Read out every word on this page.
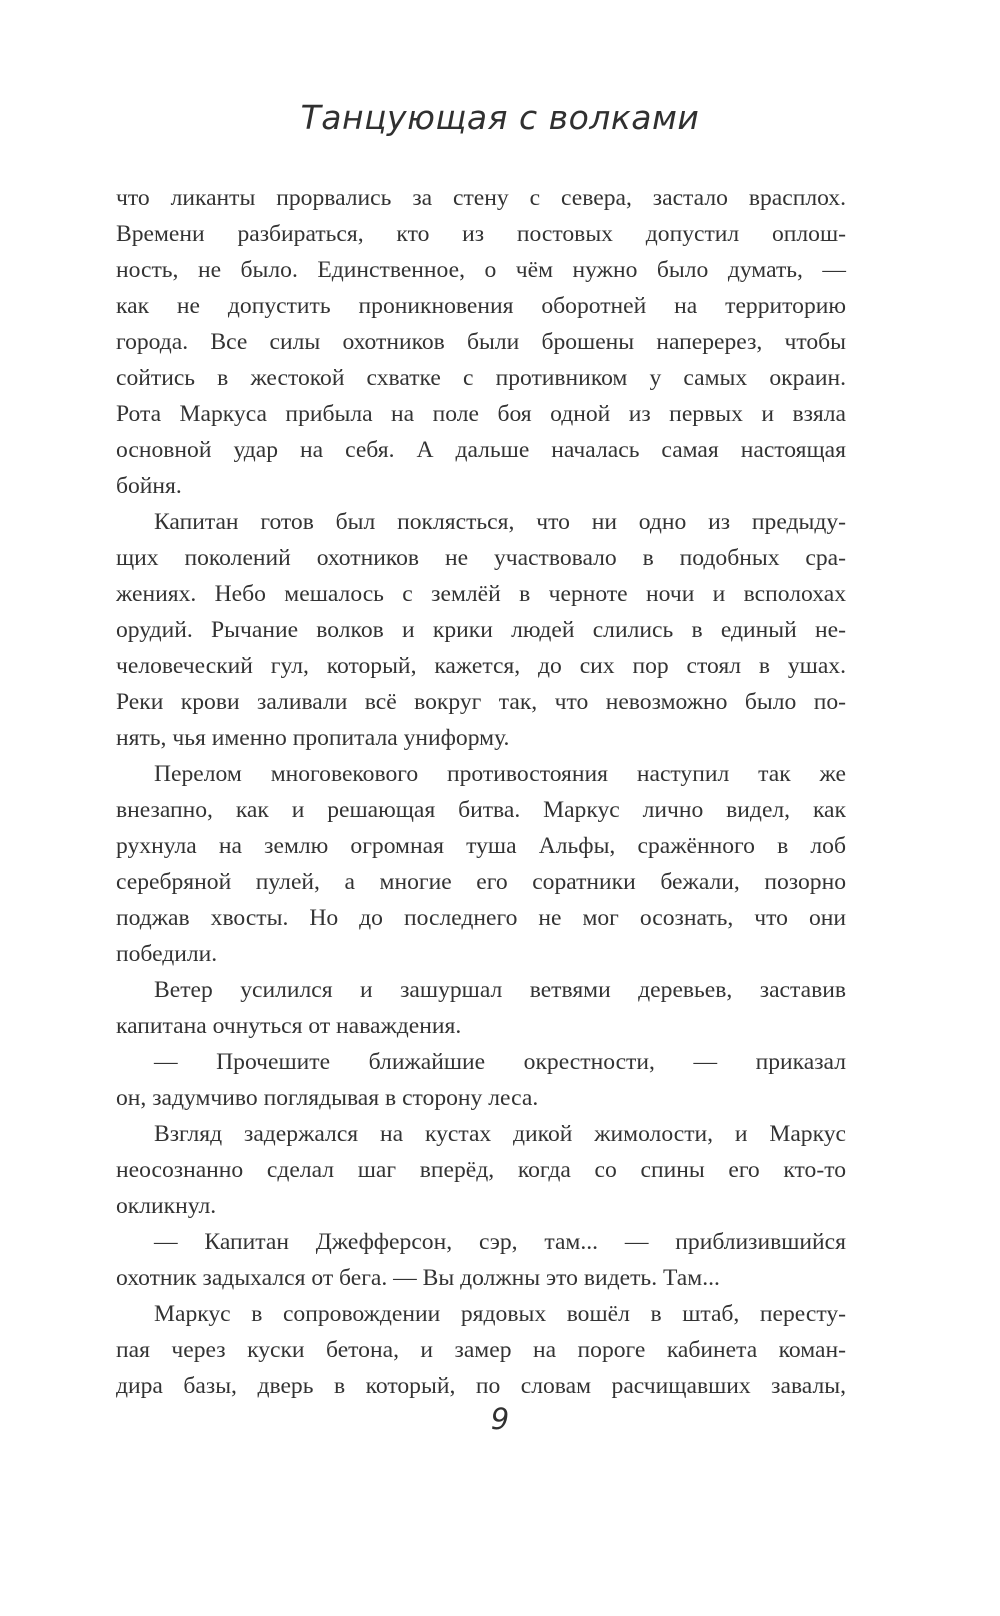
Танцующая с волками

что ликанты прорвались за стену с севера, застало врасплох.
Времени разбираться, кто из постовых допустил оплош-
ность, не было. Единственное, о чём нужно было думать, —
как не допустить проникновения оборотней на территорию
города. Все силы охотников были брошены наперерез, чтобы
сойтись в жестокой схватке с противником у самых окраин.
Рота Маркуса прибыла на поле боя одной из первых и взяла
основной удар на себя. А дальше началась самая настоящая
бойня.

Капитан готов был поклясться, что ни одно из предыду-
щих поколений охотников не участвовало в подобных сра-
жениях. Небо мешалось с землёй в черноте ночи и всполохах
орудий. Рычание волков и крики людей слились в единый не-
человеческий гул, который, кажется, до сих пор стоял в ушах.
Реки крови заливали всё вокруг так, что невозможно было по-
нять, чья именно пропитала униформу.

Перелом многовекового противостояния наступил так же
внезапно, как и решающая битва. Маркус лично видел, как
рухнула на землю огромная туша Альфы, сражённого в лоб
серебряной пулей, а многие его соратники бежали, позорно
поджав хвосты. Но до последнего не мог осознать, что они
победили.

Ветер усилился и зашуршал ветвями деревьев, заставив
капитана очнуться от наваждения.

— Прочешите ближайшие окрестности, — приказал
он, задумчиво поглядывая в сторону леса.

Взгляд задержался на кустах дикой жимолости, и Маркус
неосознанно сделал шаг вперёд, когда со спины его кто-то
окликнул.

— Капитан Джефферсон, сэр, там... — приблизившийся
охотник задыхался от бега. — Вы должны это видеть. Там...

Маркус в сопровождении рядовых вошёл в штаб, пересту-
пая через куски бетона, и замер на пороге кабинета коман-
дира базы, дверь в который, по словам расчищавших завалы,

9
